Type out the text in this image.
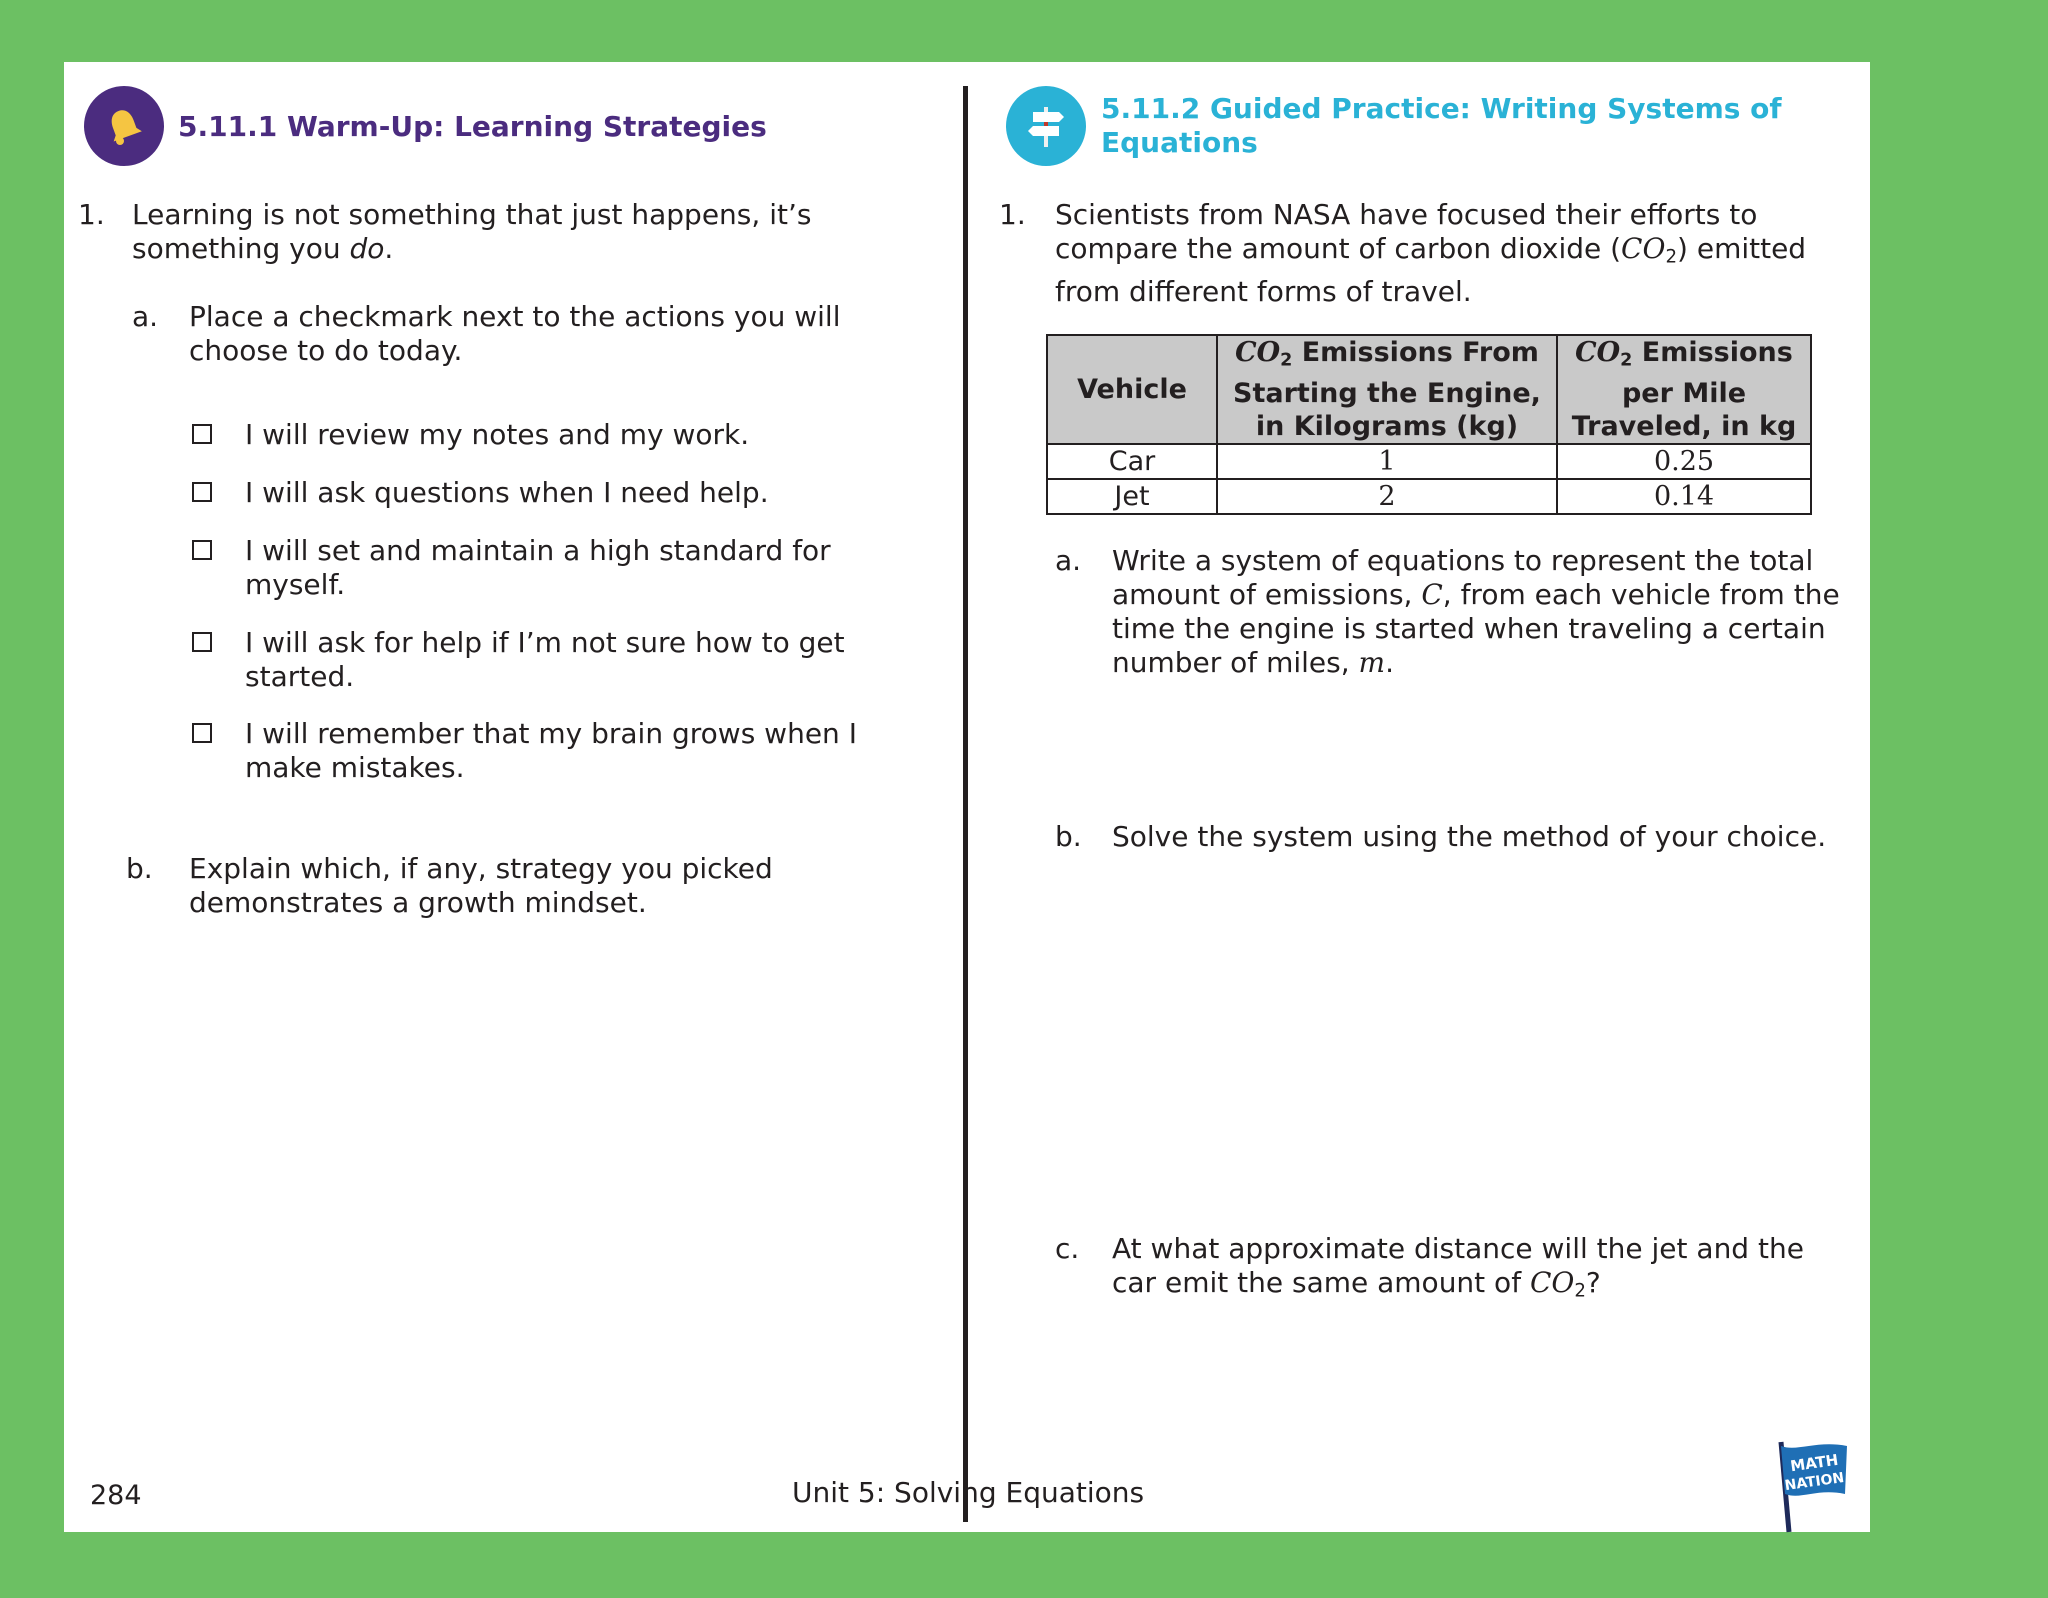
5.11.1 Warm-Up: Learning Strategies
1. Learning is not something that just happens, it’s something you do.
a. Place a checkmark next to the actions you will choose to do today.
I will review my notes and my work.
I will ask questions when I need help.
I will set and maintain a high standard for myself.
I will ask for help if I’m not sure how to get started.
I will remember that my brain grows when I make mistakes.
b. Explain which, if any, strategy you picked demonstrates a growth mindset.
5.11.2 Guided Practice: Writing Systems of Equations
1. Scientists from NASA have focused their efforts to compare the amount of carbon dioxide $(CO_2)$ emitted from different forms of travel.
Vehicle	$CO_2$ Emissions From Starting the Engine, in Kilograms (kg)	$CO_2$ Emissions per Mile Traveled, in kg
Car	1	0.25
Jet	2	0.14
a. Write a system of equations to represent the total amount of emissions, C, from each vehicle from the time the engine is started when traveling a certain number of miles, m.
b. Solve the system using the method of your choice.
c. At what approximate distance will the jet and the car emit the same amount of $CO_2$?
284	Unit 5: Solving Equations
MATH
NATION
